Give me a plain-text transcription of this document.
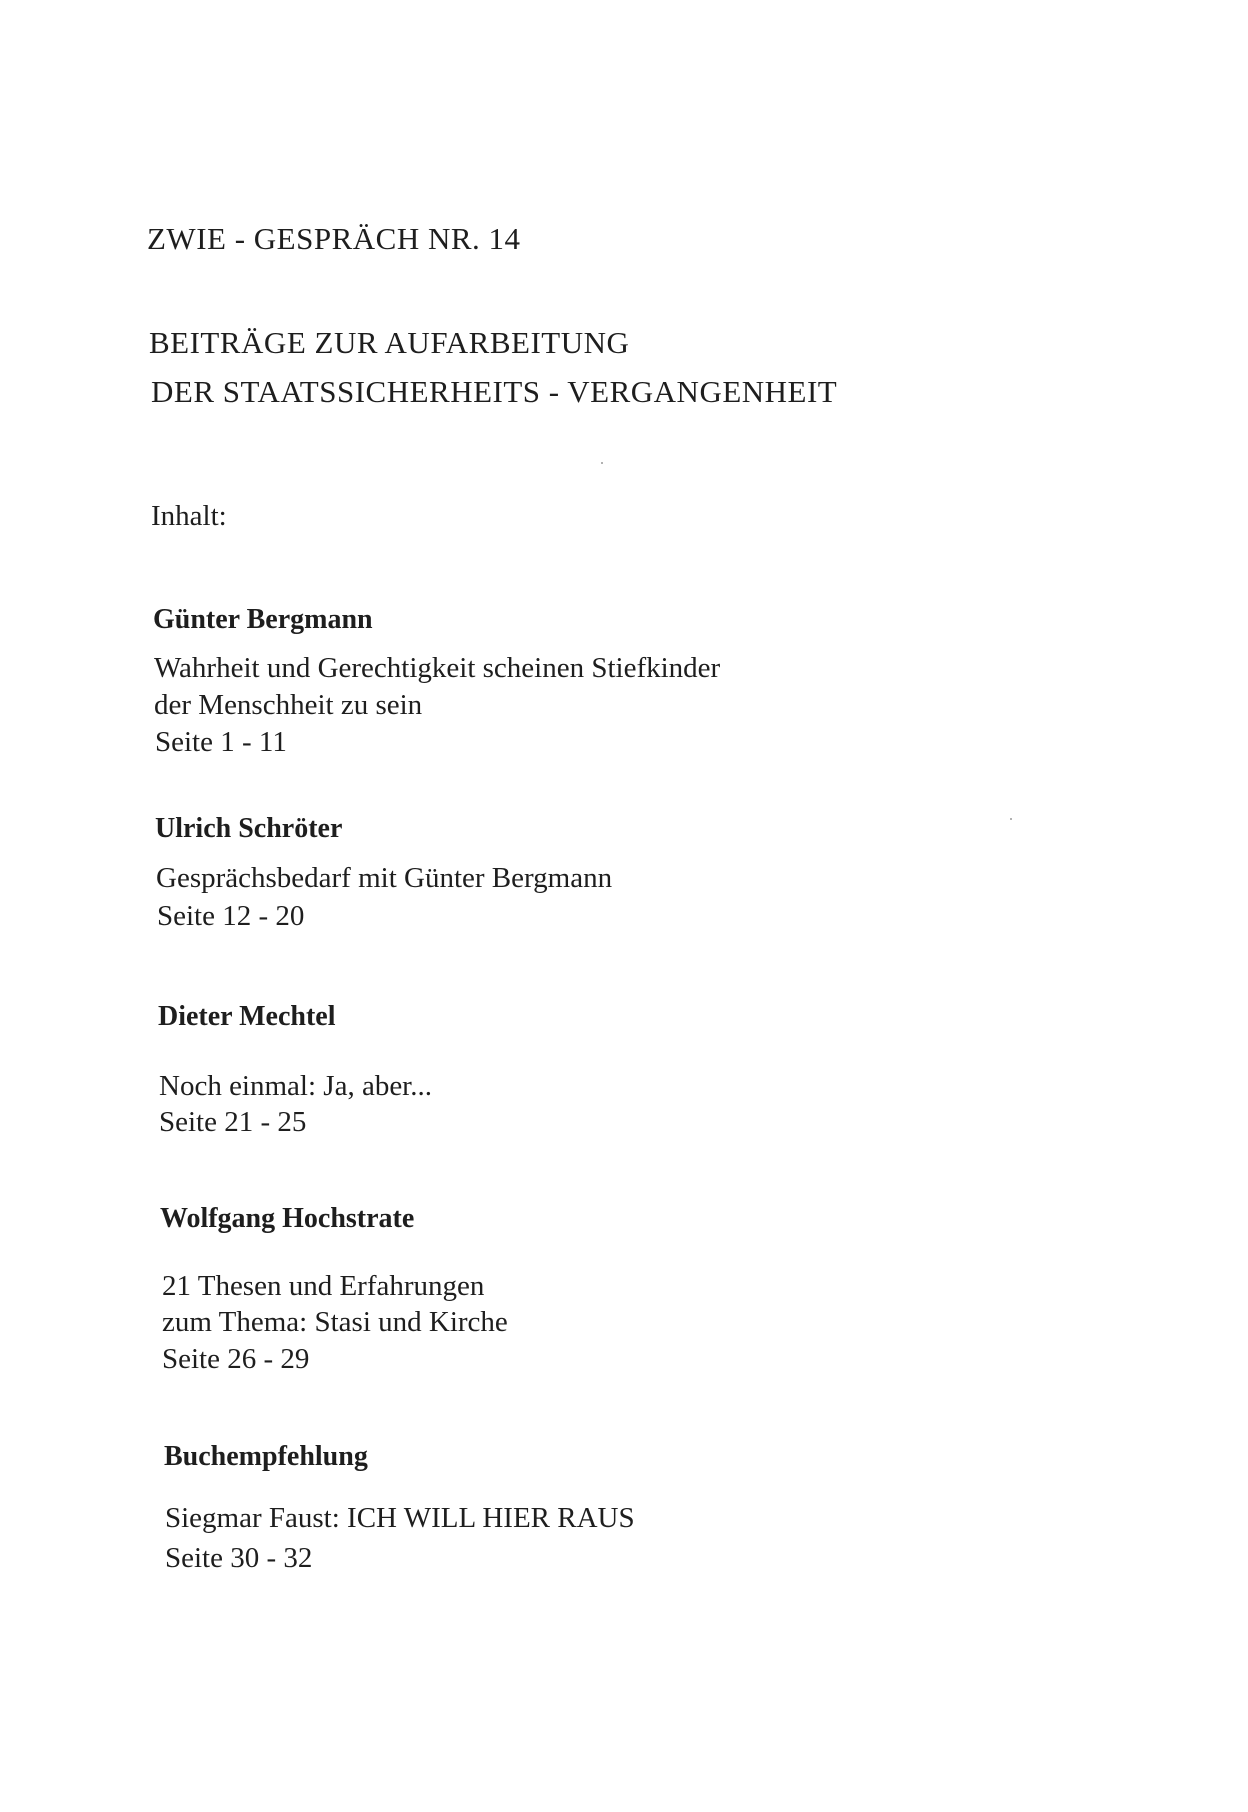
ZWIE - GESPRÄCH NR. 14
BEITRÄGE ZUR AUFARBEITUNG
DER STAATSSICHERHEITS - VERGANGENHEIT
Inhalt:
Günter Bergmann
Wahrheit und Gerechtigkeit scheinen Stiefkinder
der Menschheit zu sein
Seite 1 - 11
Ulrich Schröter
Gesprächsbedarf mit Günter Bergmann
Seite 12 - 20
Dieter Mechtel
Noch einmal: Ja, aber...
Seite 21 - 25
Wolfgang Hochstrate
21 Thesen und Erfahrungen
zum Thema: Stasi und Kirche
Seite 26 - 29
Buchempfehlung
Siegmar Faust: ICH WILL HIER RAUS
Seite 30 - 32
